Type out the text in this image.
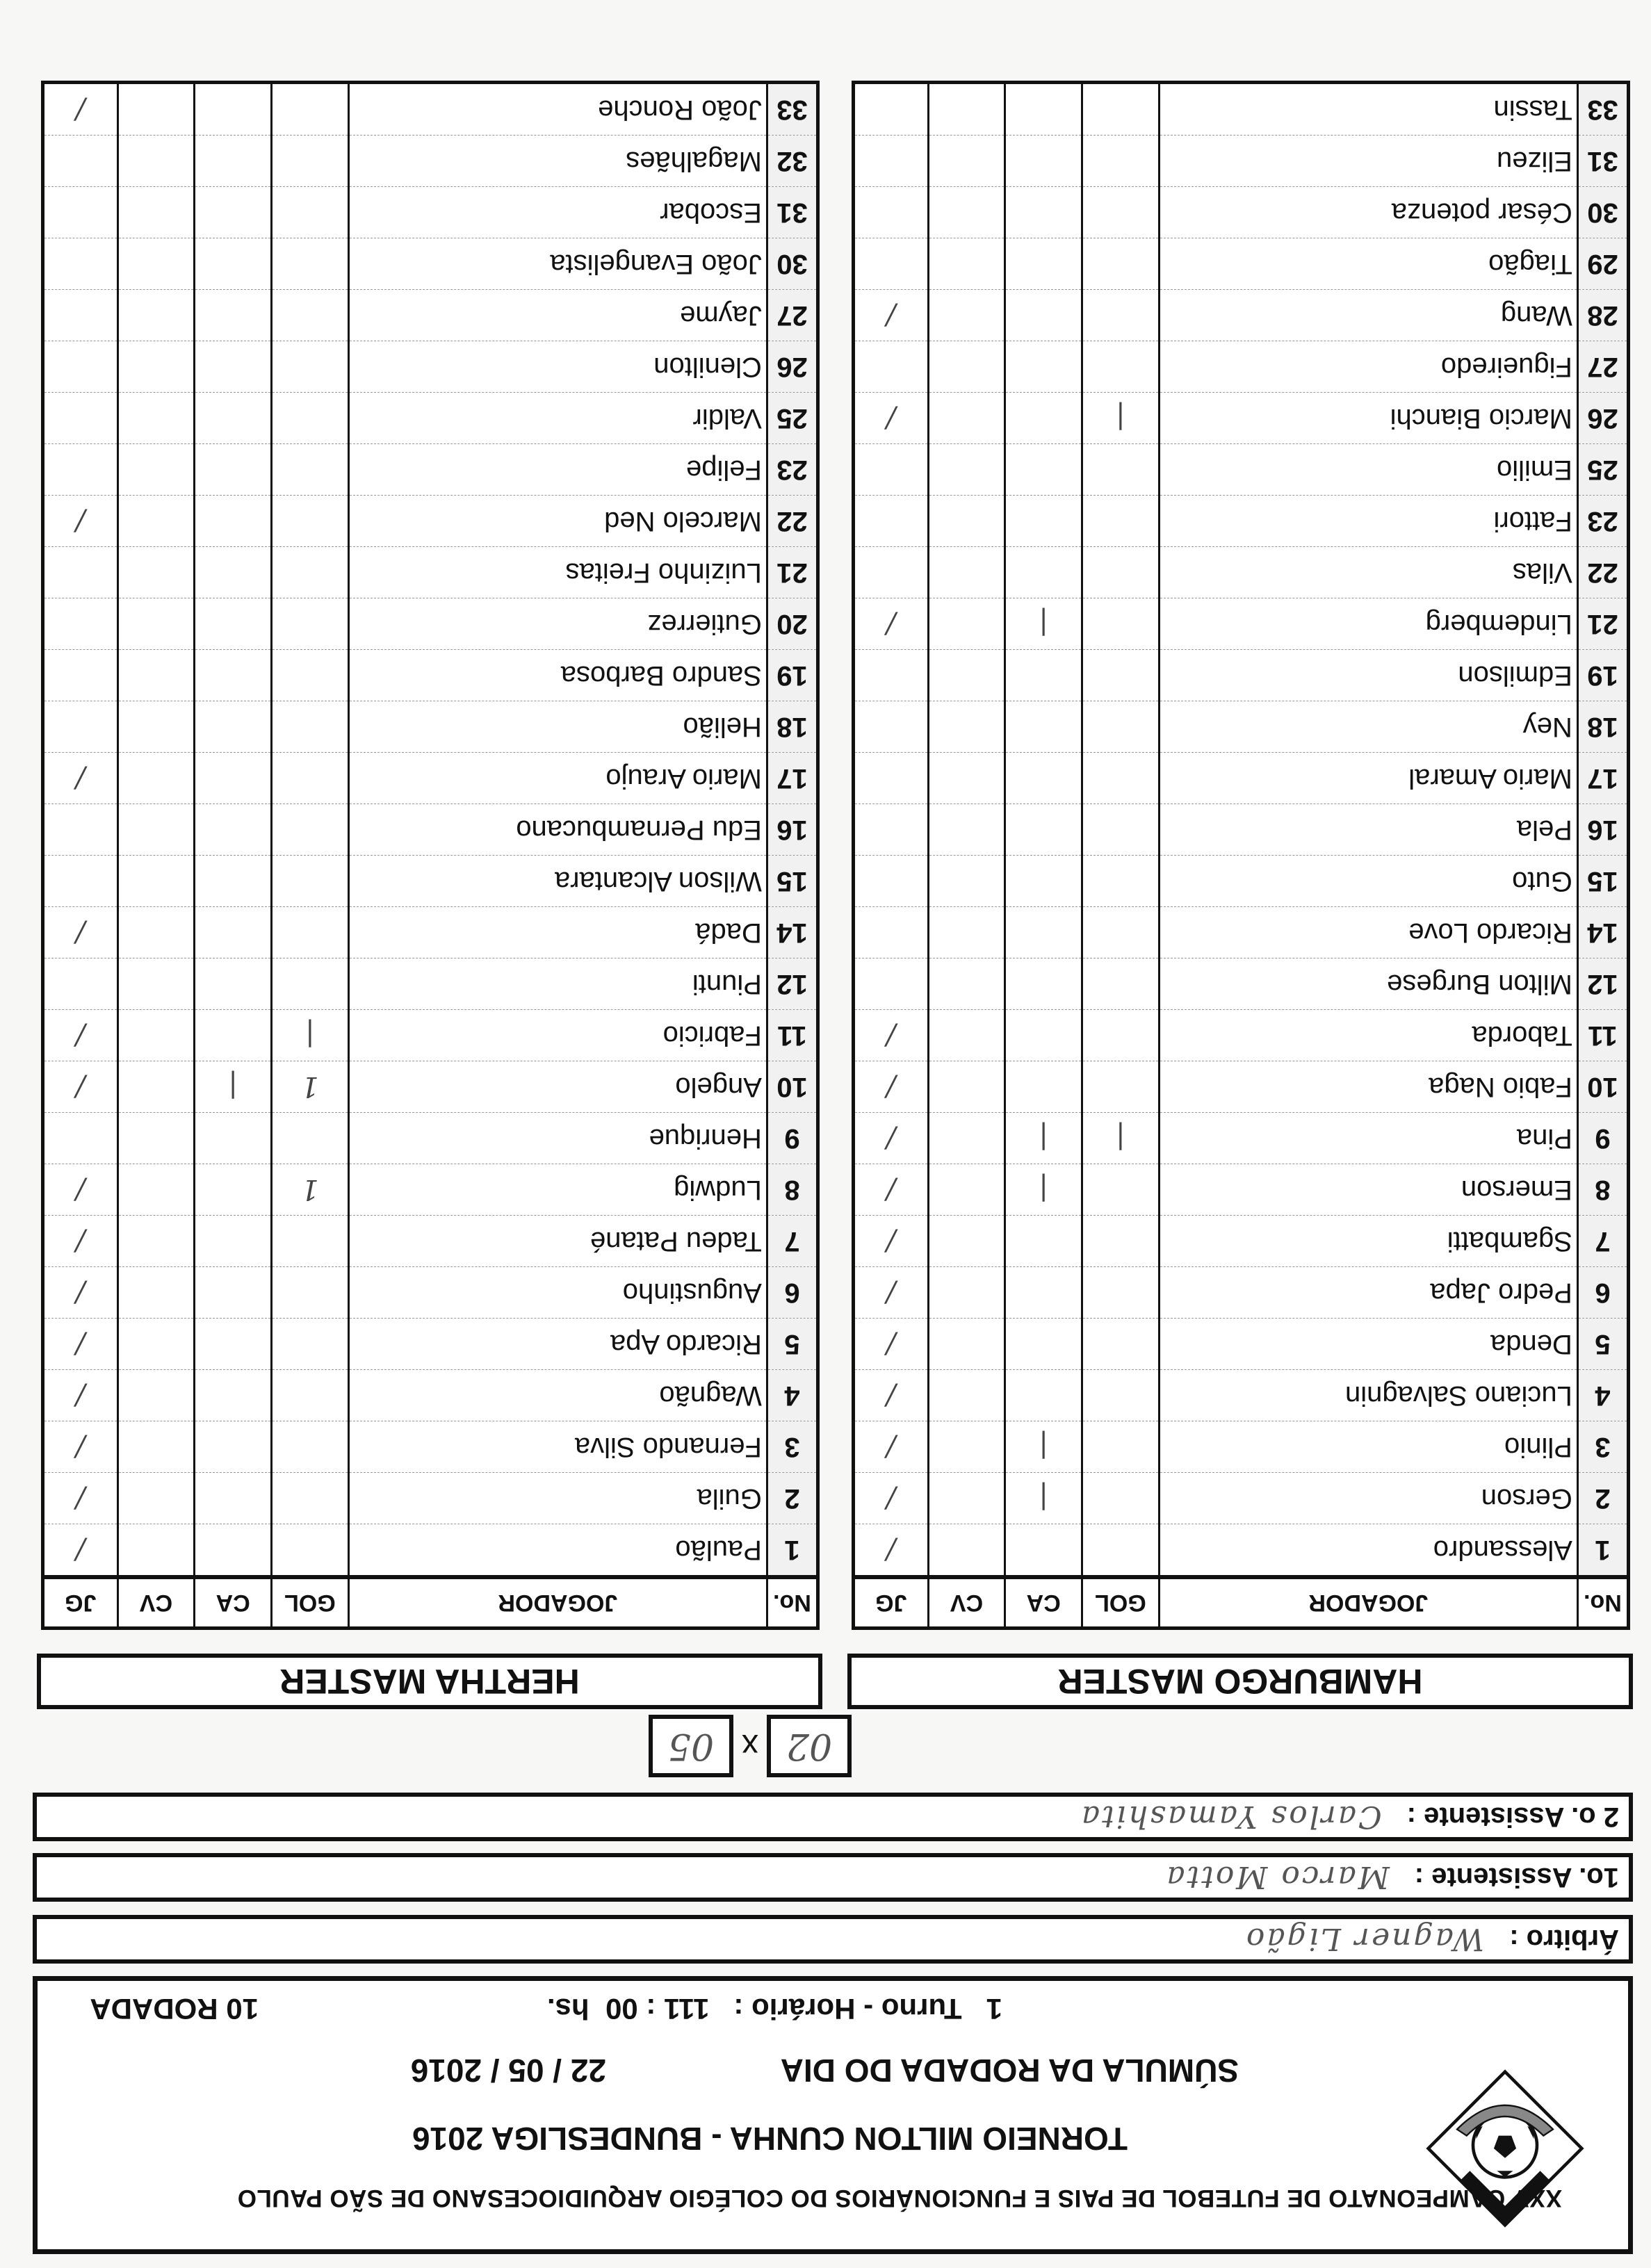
XXV CAMPEONATO DE FUTEBOL DE PAIS E FUNCIONÁRIOS DO COLÉGIO ARQUIDIOCESANO DE SÃO PAULO
TORNEIO MILTON CUNHA - BUNDESLIGA 2016
SÚMULA DA RODADA DO DIA
22 / 05 / 2016
1   Turno - Horário :   111 : 00  hs.
10 RODADA
Árbitro :
Wagner Ligão
1o. Assistente :
Marco Motta
2 o. Assistente :
Carlos Yamashita
02
x
05
HAMBURGO MASTER
HERTHA MASTER
No.	JOGADOR	GOL	CA	CV	JG
1	Alessandro				/
2	Gerson		|		/
3	Plinio		|		/
4	Luciano Salvagnin				/
5	Denda				/
6	Pedro Japa				/
7	Sgambatti				/
8	Emerson		|		/
9	Pina	|	|		/
10	Fabio Naga				/
11	Taborda				/
12	Milton Burgese				
14	Ricardo Love				
15	Guto				
16	Pela				
17	Mario Amaral				
18	Ney				
19	Edmilson				
21	Lindemberg		|		/
22	Vilas				
23	Fattori				
25	Emilio				
26	Marcio Bianchi	|			/
27	Figueiredo				
28	Wang				/
29	Tiagão				
30	César potenza				
31	Elizeu				
33	Tassin				
No.	JOGADOR	GOL	CA	CV	JG
1	Paulão				/
2	Guila				/
3	Fernando Silva				/
4	Wagnão				/
5	Ricardo Apa				/
6	Augustinho				/
7	Tadeu Patané				/
8	Ludwig	1			/
9	Henrique				
10	Angelo	1	|		/
11	Fabricio	|			/
12	Piunti				
14	Dadá				/
15	Wilson Alcantara				
16	Edu Pernambucano				
17	Mario Araujo				/
18	Helião				
19	Sandro Barbosa				
20	Gutierrez				
21	Luizinho Freitas				
22	Marcelo Ned				/
23	Felipe				
25	Valdir				
26	Clenilton				
27	Jayme				
30	João Evangelista				
31	Escobar				
32	Magalhães				
33	João Ronche				/
